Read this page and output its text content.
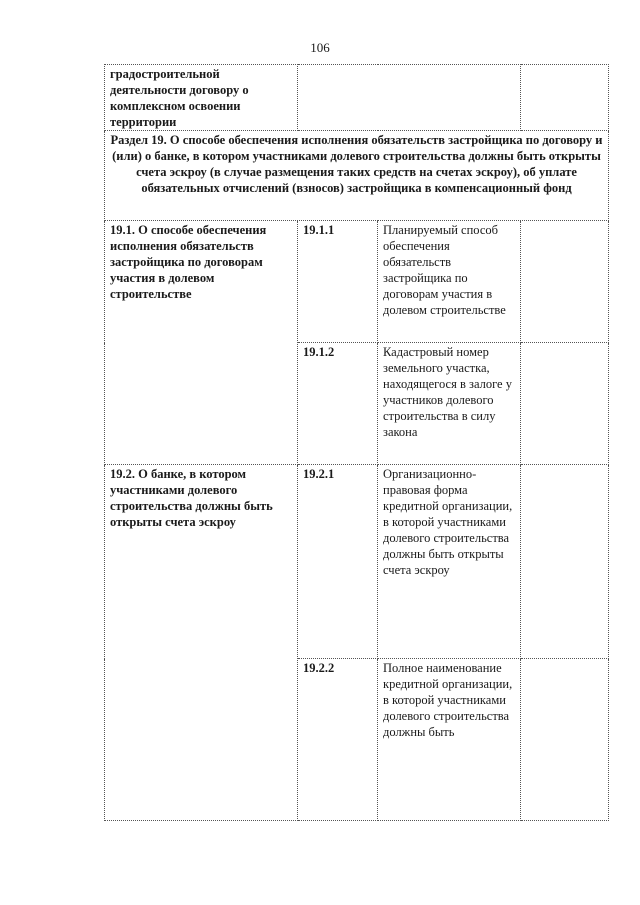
106
градостроительной деятельности договору о комплексном освоении территории			

Раздел 19. О способе обеспечения исполнения обязательств застройщика по договору и (или) о банке, в котором участниками долевого строительства должны быть открыты счета эскроу (в случае размещения таких средств на счетах эскроу), об уплате обязательных отчислений (взносов) застройщика в компенсационный фонд			

19.1. О способе обеспечения исполнения обязательств застройщика по договорам участия в долевом строительстве	19.1.1	Планируемый способ обеспечения обязательств застройщика по договорам участия в долевом строительстве	

	19.1.2	Кадастровый номер земельного участка, находящегося в залоге у участников долевого строительства в силу закона	

19.2. О банке, в котором участниками долевого строительства должны быть открыты счета эскроу	19.2.1	Организационно-правовая форма кредитной организации, в которой участниками долевого строительства должны быть открыты счета эскроу	

	19.2.2	Полное наименование кредитной организации, в которой участниками долевого строительства должны быть	
